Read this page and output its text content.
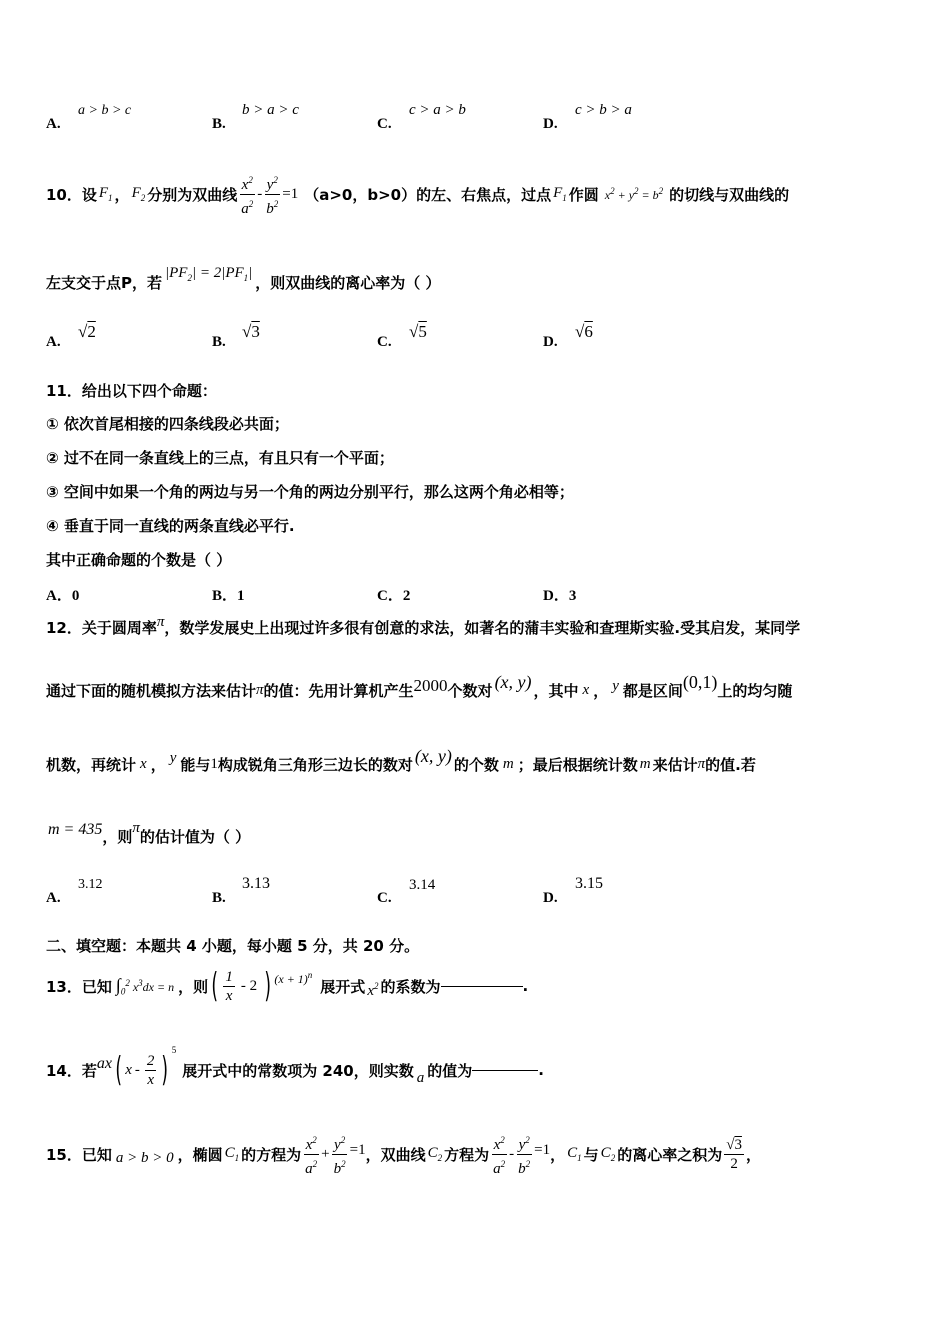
A.
a > b > c
B.
b > a > c
C.
c > a > b
D.
c > b > a
10．设 $F_1$ ， $F_2$ 分别为双曲线 $\frac{x^2}{a^2} - \frac{y^2}{b^2} =1$ （a>0，b>0）的左、右焦点，过点 $F_1$ 作圆 $x^2 + y^2 = b^2$ 的切线与双曲线的
左支交于点 P，若
$|PF_2| = 2|PF_1|$
，则双曲线的离心率为（ ）
A.
√2
B.
√3
C.
√5
D.
√6
11．给出以下四个命题：
① 依次首尾相接的四条线段必共面；
② 过不在同一条直线上的三点，有且只有一个平面；
③ 空间中如果一个角的两边与另一个角的两边分别平行，那么这两个角必相等；
④ 垂直于同一直线的两条直线必平行.
其中正确命题的个数是（ ）
A．0	B．1	C．2	D．3
12．关于圆周率 π ，数学发展史上出现过许多很有创意的求法，如著名的蒲丰实验和查理斯实验.受其启发，某同学
通过下面的随机模拟方法来估计 π 的值：先用计算机产生 2000 个数对 (x, y) ，其中 x ， y 都是区间 (0,1) 上的均匀随
机数，再统计 x ， y 能与 1 构成锐角三角形三边长的数对 (x, y) 的个数 m ；最后根据统计数 m 来估计 π 的值.若
m = 435 ，则 π 的估计值为（ ）
A.
3.12
B.
3.13
C.
3.14
D.
3.15
二、填空题：本题共 4 小题，每小题 5 分，共 20 分。
13．已知 $\int_0^2$ $x^3dx = n$ ，则 ( $\frac{1}{x} - 2$ ) $(x + 1)^n$
展开式 $x^2$ 的系数为	.
14．若 ax ( x - $\frac{2}{x}$ ) 5
展开式中的常数项为 240，则实数 a 的值为	.
15．已知 a > b > 0 ，椭圆 $C_1$ 的方程为 $\frac{x^2}{a^2} + \frac{y^2}{b^2} =1$ ，双曲线 $C_2$ 方程为 $\frac{x^2}{a^2} - \frac{y^2}{b^2} =1$ ， $C_1$ 与 $C_2$ 的离心率之积为 $\frac{√3}{2}$ ，
